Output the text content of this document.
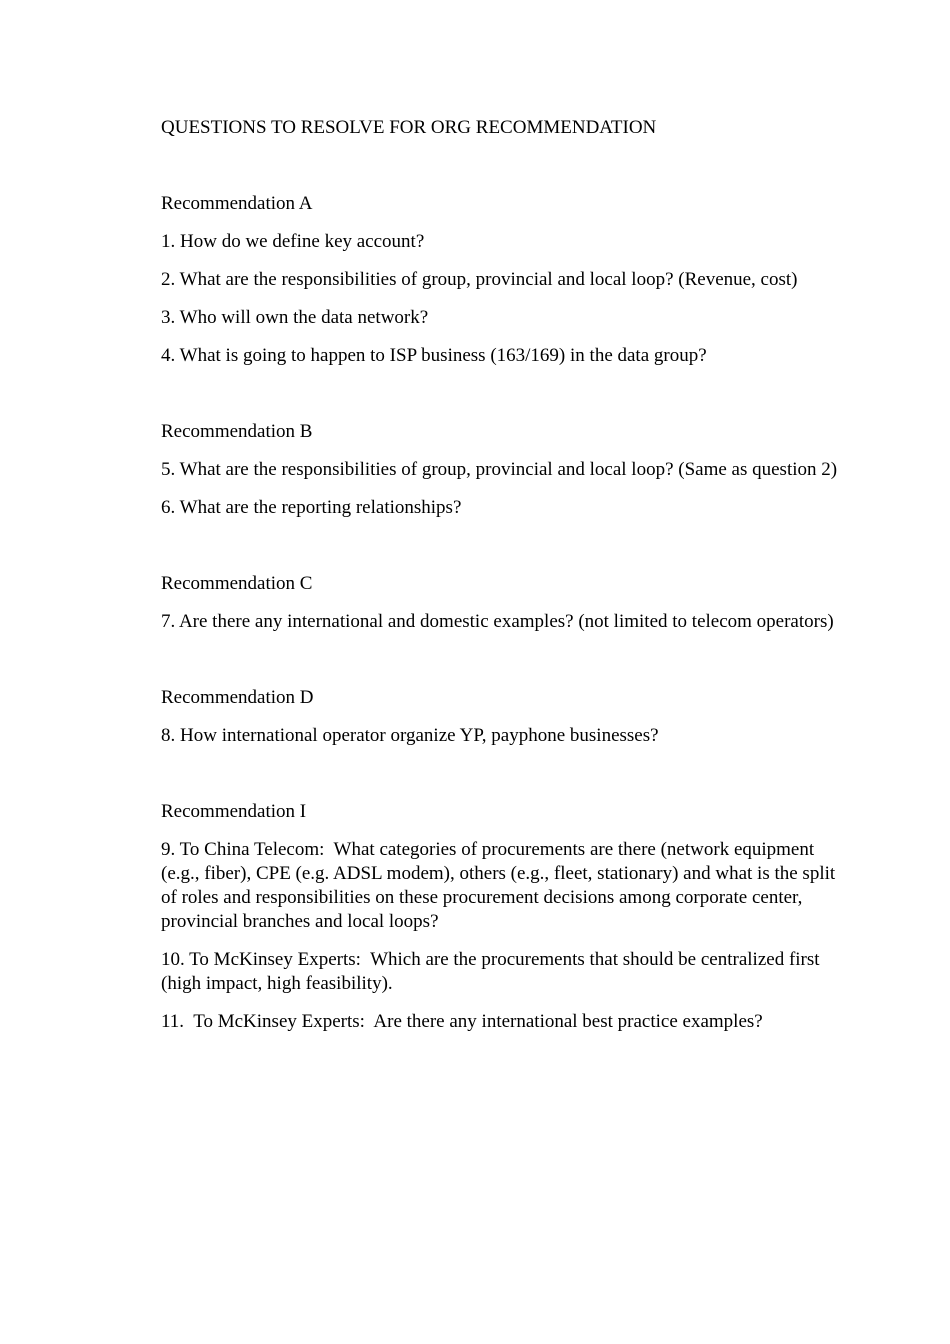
QUESTIONS TO RESOLVE FOR ORG RECOMMENDATION
Recommendation A

1. How do we define key account?

2. What are the responsibilities of group, provincial and local loop? (Revenue, cost)

3. Who will own the data network?

4. What is going to happen to ISP business (163/169) in the data group?

Recommendation B

5. What are the responsibilities of group, provincial and local loop? (Same as question 2)

6. What are the reporting relationships?

Recommendation C

7. Are there any international and domestic examples? (not limited to telecom operators)

Recommendation D

8. How international operator organize YP, payphone businesses?

Recommendation I

9. To China Telecom:  What categories of procurements are there (network equipment (e.g., fiber), CPE (e.g. ADSL modem), others (e.g., fleet, stationary) and what is the split of roles and responsibilities on these procurement decisions among corporate center, provincial branches and local loops?

10. To McKinsey Experts:  Which are the procurements that should be centralized first (high impact, high feasibility).

11.  To McKinsey Experts:  Are there any international best practice examples?
